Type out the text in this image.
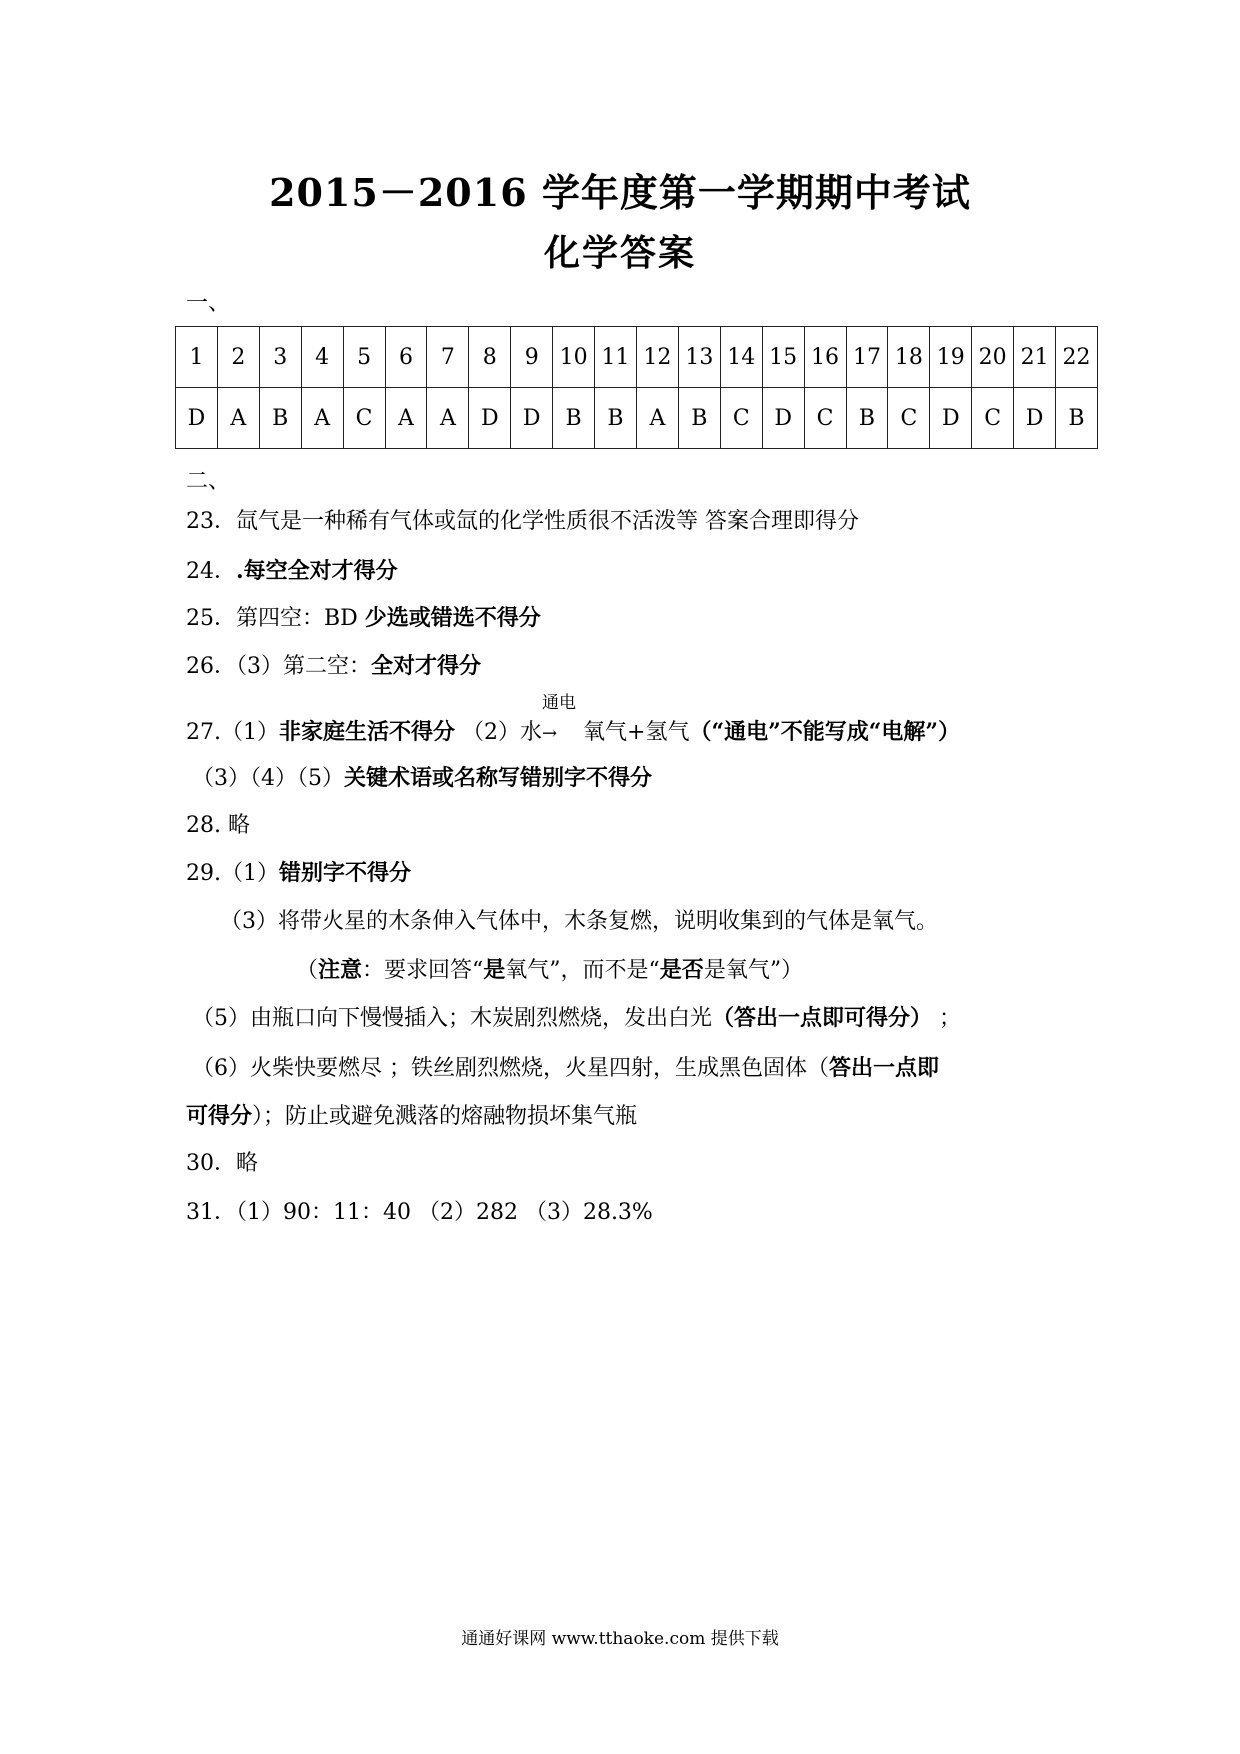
2015－2016 学年度第一学期期中考试
化学答案
一、
1	2	3	4	5	6	7	8	9	10	11	12	13	14	15	16	17	18	19	20	21	22
D	A	B	A	C	A	A	D	D	B	B	A	B	C	D	C	B	C	D	C	D	B
二、
23．氙气是一种稀有气体或氙的化学性质很不活泼等 答案合理即得分
24．.每空全对才得分
25．第四空：BD 少选或错选不得分
26．（3）第二空：全对才得分
27.（1）非家庭生活不得分 （2）水
通电
→ 氧气+氢气（“通电”不能写成“电解”）
（3）（4）（5）关键术语或名称写错别字不得分
28. 略
29.（1）错别字不得分
（3）将带火星的木条伸入气体中，木条复燃，说明收集到的气体是氧气。
（注意：要求回答“是氧气”，而不是“是否是氧气”）
（5）由瓶口向下慢慢插入；木炭剧烈燃烧，发出白光（答出一点即可得分） ；
（6）火柴快要燃尽 ；铁丝剧烈燃烧，火星四射，生成黑色固体（答出一点即
可得分）；防止或避免溅落的熔融物损坏集气瓶
30．略
31．（1）90：11：40 （2）282 （3）28.3%
通通好课网 www.tthaoke.com 提供下载
